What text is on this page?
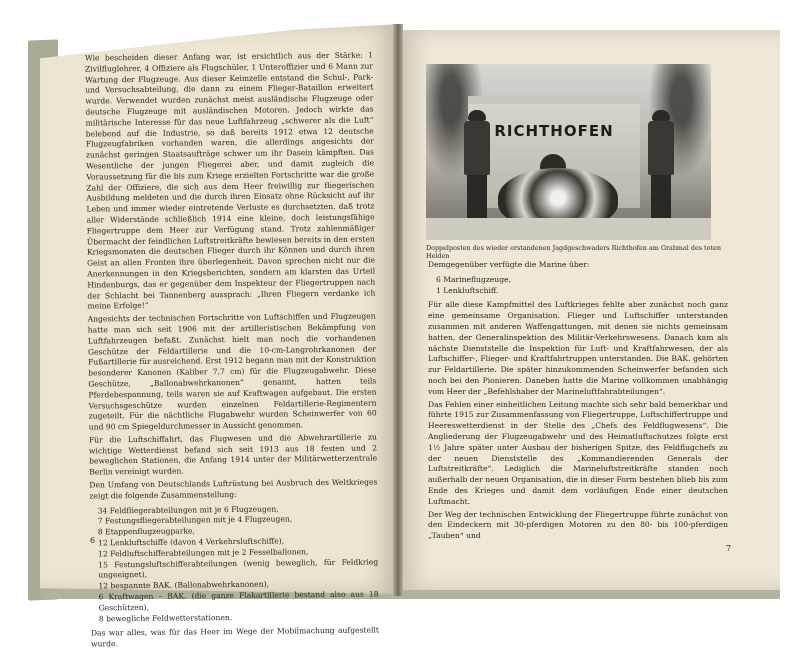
Wie bescheiden dieser Anfang war, ist ersichtlich aus der Stärke: 1 Zivilfluglehrer, 4 Offiziere als Flugschüler, 1 Unteroffizier und 6 Mann zur Wartung der Flugzeuge. Aus dieser Keimzelle entstand die Schul-, Park- und Versuchsabteilung, die dann zu einem Flieger-Bataillon erweitert wurde. Verwendet wurden zunächst meist ausländische Flugzeuge oder deutsche Flugzeuge mit ausländischen Motoren. Jedoch wirkte das militärische Interesse für das neue Luftfahrzeug „schwerer als die Luft“ belebend auf die Industrie, so daß bereits 1912 etwa 12 deutsche Flugzeugfabriken vorhanden waren, die allerdings angesichts der zunächst geringen Staatsaufträge schwer um ihr Dasein kämpften. Das Wesentliche der jungen Fliegerei aber, und damit zugleich die Voraussetzung für die bis zum Kriege erzielten Fortschritte war die große Zahl der Offiziere, die sich aus dem Heer freiwillig zur fliegerischen Ausbildung meldeten und die durch ihren Einsatz ohne Rücksicht auf ihr Leben und immer wieder eintretende Verluste es durchsetzten, daß trotz aller Widerstände schließlich 1914 eine kleine, doch leistungsfähige Fliegertruppe dem Heer zur Verfügung stand. Trotz zahlenmäßiger Übermacht der feindlichen Luftstreitkräfte bewiesen bereits in den ersten Kriegsmonaten die deutschen Flieger durch ihr Können und durch ihren Geist an allen Fronten ihre überlegenheit. Davon sprechen nicht nur die Anerkennungen in den Kriegsberichten, sondern am klarsten das Urteil Hindenburgs, das er gegenüber dem Inspekteur der Fliegertruppen nach der Schlacht bei Tannenberg aussprach: „Ihren Fliegern verdanke ich meine Erfolge!“

Angesichts der technischen Fortschritte von Luftschiffen und Flugzeugen hatte man sich seit 1906 mit der artilleristischen Bekämpfung von Luftfahrzeugen befaßt. Zunächst hielt man noch die vorhandenen Geschütze der Feldartillerie und die 10-cm-Langrohrkanonen der Fußartillerie für ausreichend. Erst 1912 begann man mit der Konstruktion besonderer Kanonen (Kaliber 7,7 cm) für die Flugzeugabwehr. Diese Geschütze, „Ballonabwehrkanonen“ genannt, hatten teils Pferdebespannung, teils waren sie auf Kraftwagen aufgebaut. Die ersten Versuchsgeschütze wurden einzelnen Feldartillerie-Regimentern zugeteilt. Für die nächtliche Flugabwehr wurden Scheinwerfer von 60 und 90 cm Spiegeldurchmesser in Aussicht genommen.

Für die Luftschiffahrt, das Flugwesen und die Abwehrartillerie zu wichtige Wetterdienst befand sich seit 1913 aus 18 festen und 2 beweglichen Stationen, die Anfang 1914 unter der Militärwetterzentrale Berlin vereinigt wurden.

Den Umfang von Deutschlands Luftrüstung bei Ausbruch des Weltkrieges zeigt die folgende Zusammenstellung:

34 Feldfliegerabteilungen mit je 6 Flugzeugen,
7 Festungsfliegerabteilungen mit je 4 Flugzeugen,
8 Etappenflugzeugparke,
12 Lenkluftschiffe (davon 4 Verkehrsluftschiffe),
12 Feldluftschifferabteilungen mit je 2 Fesselballonen,
15 Festungsluftschifferabteilungen (wenig beweglich, für Feldkrieg ungeeignet),
12 bespannte BAK. (Ballonabwehrkanonen),
6 Kraftwagen – BAK. (die ganze Flakartillerie bestand also aus 18 Geschützen),
8 bewegliche Feldwetterstationen.

Das war alles, was für das Heer im Wege der Mobilmachung aufgestellt wurde.

6
RICHTHOFEN
Doppelposten des wieder erstandenen Jagdgeschwaders Richthofen am Grabmal des toten Helden

Demgegenüber verfügte die Marine über:

6 Marineflugzeuge,
1 Lenkluftschiff.

Für alle diese Kampfmittel des Luftkrieges fehlte aber zunächst noch ganz eine gemeinsame Organisation. Flieger und Luftschiffer unterstanden zusammen mit anderen Waffengattungen, mit denen sie nichts gemeinsam hatten, der Generalinspektion des Militär-Verkehrswesens. Danach kam als nächste Dienststelle die Inspektion für Luft- und Kraftfahrwesen, der als Luftschiffer-, Flieger- und Kraftfahrtruppen unterstanden. Die BAK. gehörten zur Feldartillerie. Die später hinzukommenden Scheinwerfer befanden sich noch bei den Pionieren. Daneben hatte die Marine vollkommen unabhängig vom Heer der „Befehlshaber der Marineluftfahrabteilungen“.

Das Fehlen einer einheitlichen Leitung machte sich sehr bald bemerkbar und führte 1915 zur Zusammenfassung von Fliegertruppe, Luftschiffertruppe und Heereswetterdienst in der Stelle des „Chefs des Feldflugwesens“. Die Angliederung der Flugzeugabwehr und des Heimatluftschutzes folgte erst 1½ Jahre später unter Ausbau der bisherigen Spitze, des Feldflugchefs zu der neuen Dienststelle des „Kommandierenden Generals der Luftstreitkräfte“. Lediglich die Marineluftstreitkräfte standen noch außerhalb der neuen Organisation, die in dieser Form bestehen blieb bis zum Ende des Krieges und damit dem vorläufigen Ende einer deutschen Luftmacht.

Der Weg der technischen Entwicklung der Fliegertruppe führte zunächst von den Eindeckern mit 30-pferdigen Motoren zu den 80- bis 100-pferdigen „Tauben“ und

7
